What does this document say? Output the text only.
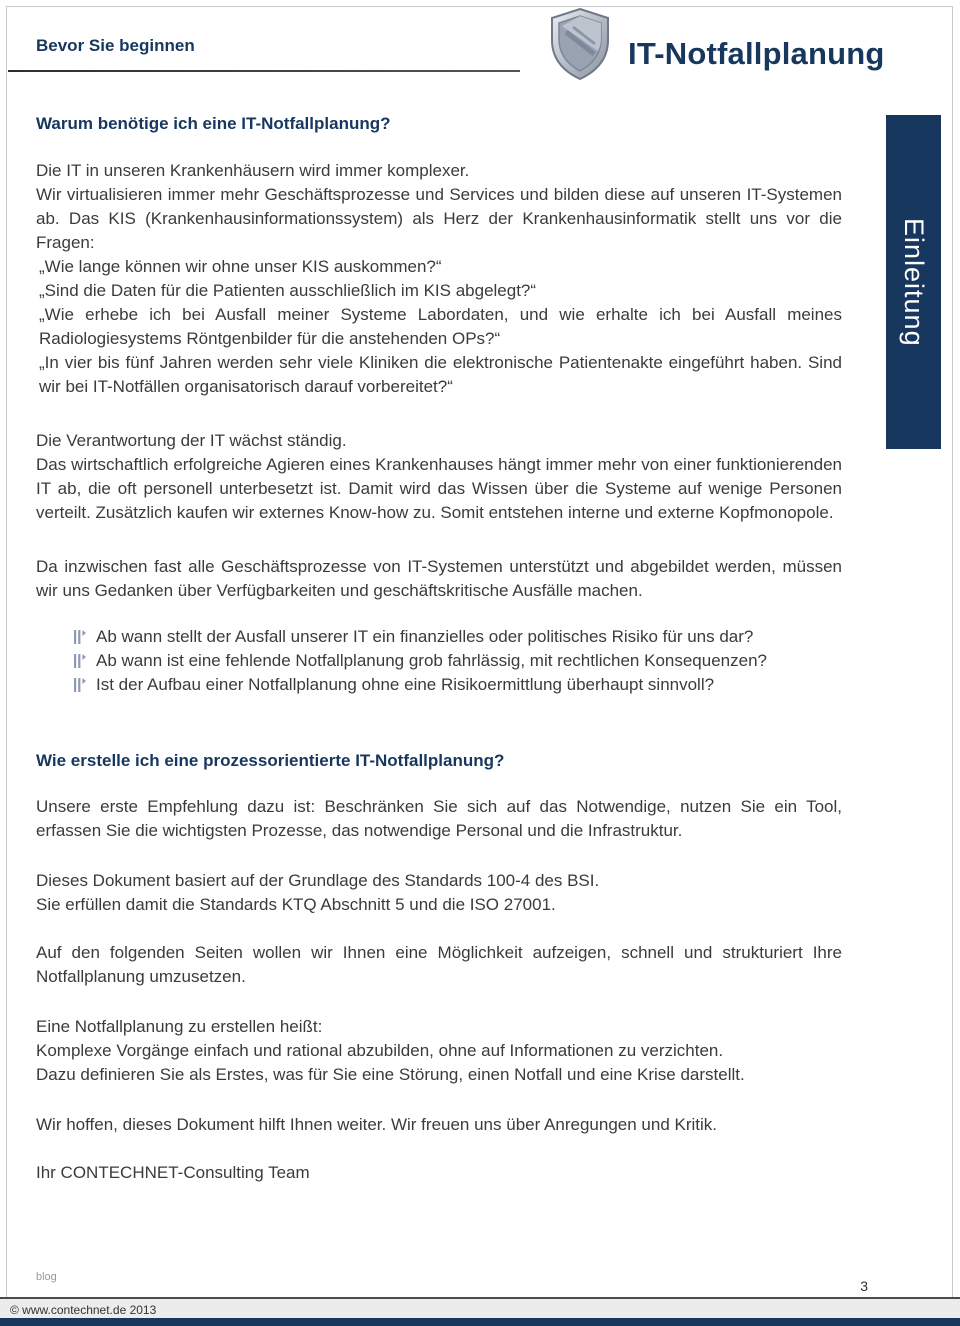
Bevor Sie beginnen	IT-Notfallplanung
Einleitung
Warum benötige ich eine IT-Notfallplanung?

Die IT in unseren Krankenhäusern wird immer komplexer.

Wir virtualisieren immer mehr Geschäftsprozesse und Services und bilden diese auf unseren IT-Systemen ab. Das KIS (Krankenhausinformationssystem) als Herz der Krankenhausinformatik stellt uns vor die Fragen:

„Wie lange können wir ohne unser KIS auskommen?“

„Sind die Daten für die Patienten ausschließlich im KIS abgelegt?“

„Wie erhebe ich bei Ausfall meiner Systeme Labordaten, und wie erhalte ich bei Ausfall meines Radiologiesystems Röntgenbilder für die anstehenden OPs?“

„In vier bis fünf Jahren werden sehr viele Kliniken die elektronische Patientenakte eingeführt haben. Sind wir bei IT-Notfällen organisatorisch darauf vorbereitet?“

Die Verantwortung der IT wächst ständig.

Das wirtschaftlich erfolgreiche Agieren eines Krankenhauses hängt immer mehr von einer funktionierenden IT ab, die oft personell unterbesetzt ist. Damit wird das Wissen über die Systeme auf wenige Personen verteilt. Zusätzlich kaufen wir externes Know-how zu. Somit entstehen interne und externe Kopfmonopole.

Da inzwischen fast alle Geschäftsprozesse von IT-Systemen unterstützt und abgebildet werden, müssen wir uns Gedanken über Verfügbarkeiten und geschäftskritische Ausfälle machen.

Ab wann stellt der Ausfall unserer IT ein finanzielles oder politisches Risiko für uns dar?
Ab wann ist eine fehlende Notfallplanung grob fahrlässig, mit rechtlichen Konsequenzen?
Ist der Aufbau einer Notfallplanung ohne eine Risikoermittlung überhaupt sinnvoll?
Wie erstelle ich eine prozessorientierte IT-Notfallplanung?

Unsere erste Empfehlung dazu ist: Beschränken Sie sich auf das Notwendige, nutzen Sie ein Tool, erfassen Sie die wichtigsten Prozesse, das notwendige Personal und die Infrastruktur.

Dieses Dokument basiert auf der Grundlage des Standards 100-4 des BSI.

Sie erfüllen damit die Standards KTQ Abschnitt 5 und die ISO 27001.

Auf den folgenden Seiten wollen wir Ihnen eine Möglichkeit aufzeigen, schnell und strukturiert Ihre Notfallplanung umzusetzen.

Eine Notfallplanung zu erstellen heißt:

Komplexe Vorgänge einfach und rational abzubilden, ohne auf Informationen zu verzichten.

Dazu definieren Sie als Erstes, was für Sie eine Störung, einen Notfall und eine Krise darstellt.

Wir hoffen, dieses Dokument hilft Ihnen weiter. Wir freuen uns über Anregungen und Kritik.

Ihr CONTECHNET-Consulting Team

blog
3
© www.contechnet.de 2013
